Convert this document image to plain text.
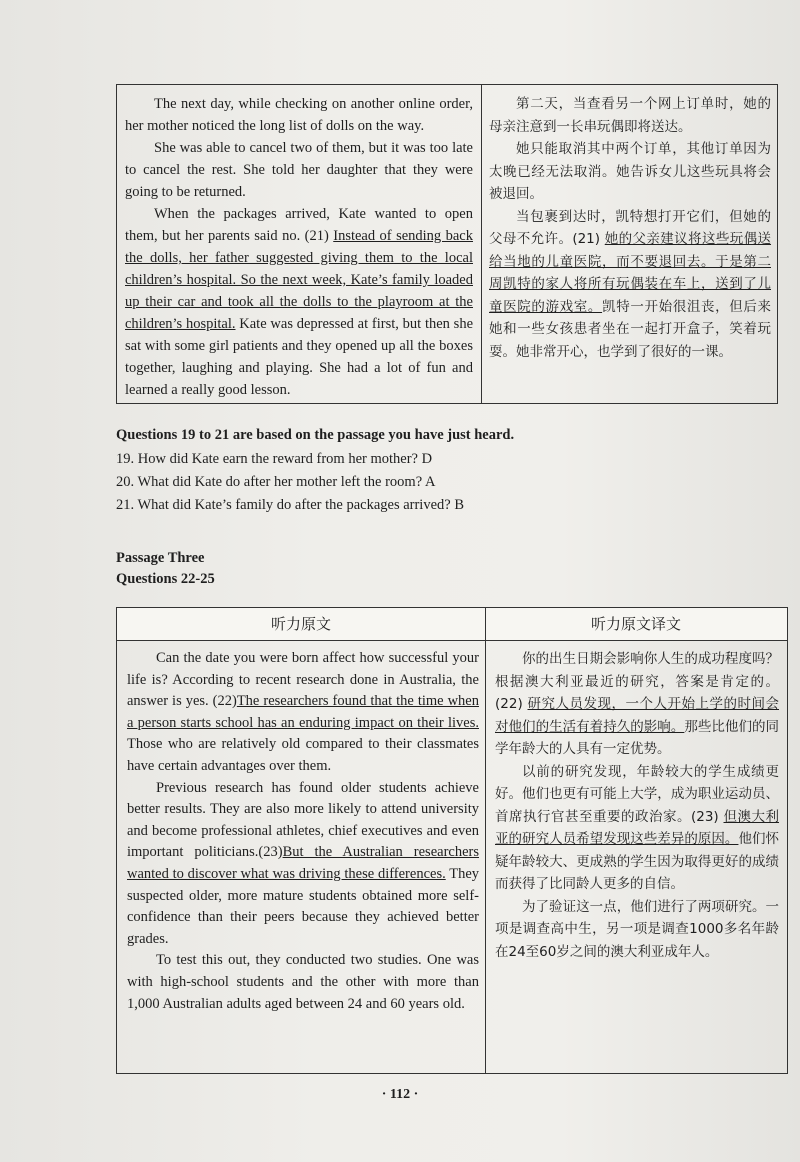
The next day, while checking on another online order, her mother noticed the long list of dolls on the way.

She was able to cancel two of them, but it was too late to cancel the rest. She told her daughter that they were going to be returned.

When the packages arrived, Kate wanted to open them, but her parents said no. (21) Instead of sending back the dolls, her father suggested giving them to the local children’s hospital. So the next week, Kate’s family loaded up their car and took all the dolls to the playroom at the children’s hospital. Kate was depressed at first, but then she sat with some girl patients and they opened up all the boxes together, laughing and playing. She had a lot of fun and learned a really good lesson.

第二天，当查看另一个网上订单时，她的母亲注意到一长串玩偶即将送达。

她只能取消其中两个订单，其他订单因为太晚已经无法取消。她告诉女儿这些玩具将会被退回。

当包裹到达时，凯特想打开它们，但她的父母不允许。(21) 她的父亲建议将这些玩偶送给当地的儿童医院，而不要退回去。于是第二周凯特的家人将所有玩偶装在车上，送到了儿童医院的游戏室。凯特一开始很沮丧，但后来她和一些女孩患者坐在一起打开盒子，笑着玩耍。她非常开心，也学到了很好的一课。

Questions 19 to 21 are based on the passage you have just heard.
19. How did Kate earn the reward from her mother? D
20. What did Kate do after her mother left the room? A
21. What did Kate’s family do after the packages arrived? B
Passage Three
Questions 22-25
听力原文	听力原文译文

Can the date you were born affect how successful your life is? According to recent research done in Australia, the answer is yes. (22)The researchers found that the time when a person starts school has an enduring impact on their lives. Those who are relatively old compared to their classmates have certain advantages over them.

Previous research has found older students achieve better results. They are also more likely to attend university and become professional athletes, chief executives and even important politicians.(23)But the Australian researchers wanted to discover what was driving these differences. They suspected older, more mature students obtained more self-confidence than their peers because they achieved better grades.

To test this out, they conducted two studies. One was with high-school students and the other with more than 1,000 Australian adults aged between 24 and 60 years old.

你的出生日期会影响你人生的成功程度吗？根据澳大利亚最近的研究，答案是肯定的。(22) 研究人员发现，一个人开始上学的时间会对他们的生活有着持久的影响。那些比他们的同学年龄大的人具有一定优势。

以前的研究发现，年龄较大的学生成绩更好。他们也更有可能上大学，成为职业运动员、首席执行官甚至重要的政治家。(23) 但澳大利亚的研究人员希望发现这些差异的原因。他们怀疑年龄较大、更成熟的学生因为取得更好的成绩而获得了比同龄人更多的自信。

为了验证这一点，他们进行了两项研究。一项是调查高中生，另一项是调查1000多名年龄在24至60岁之间的澳大利亚成年人。

· 112 ·
